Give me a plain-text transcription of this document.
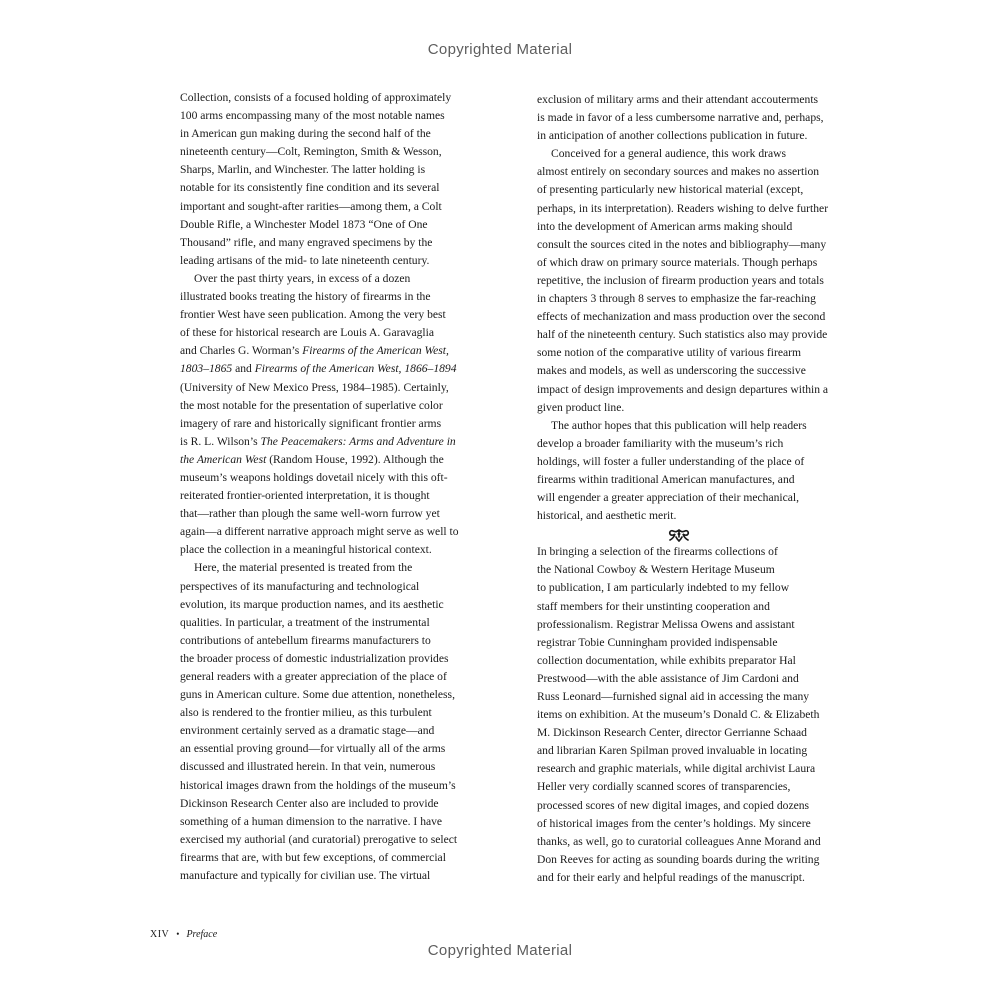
Copyrighted Material
Collection, consists of a focused holding of approximately
100 arms encompassing many of the most notable names
in American gun making during the second half of the
nineteenth century—Colt, Remington, Smith & Wesson,
Sharps, Marlin, and Winchester. The latter holding is
notable for its consistently fine condition and its several
important and sought-after rarities—among them, a Colt
Double Rifle, a Winchester Model 1873 “One of One
Thousand” rifle, and many engraved specimens by the
leading artisans of the mid- to late nineteenth century.
Over the past thirty years, in excess of a dozen
illustrated books treating the history of firearms in the
frontier West have seen publication. Among the very best
of these for historical research are Louis A. Garavaglia
and Charles G. Worman’s Firearms of the American West,
1803–1865 and Firearms of the American West, 1866–1894
(University of New Mexico Press, 1984–1985). Certainly,
the most notable for the presentation of superlative color
imagery of rare and historically significant frontier arms
is R. L. Wilson’s The Peacemakers: Arms and Adventure in
the American West (Random House, 1992). Although the
museum’s weapons holdings dovetail nicely with this oft-
reiterated frontier-oriented interpretation, it is thought
that—rather than plough the same well-worn furrow yet
again—a different narrative approach might serve as well to
place the collection in a meaningful historical context.
Here, the material presented is treated from the
perspectives of its manufacturing and technological
evolution, its marque production names, and its aesthetic
qualities. In particular, a treatment of the instrumental
contributions of antebellum firearms manufacturers to
the broader process of domestic industrialization provides
general readers with a greater appreciation of the place of
guns in American culture. Some due attention, nonetheless,
also is rendered to the frontier milieu, as this turbulent
environment certainly served as a dramatic stage—and
an essential proving ground—for virtually all of the arms
discussed and illustrated herein. In that vein, numerous
historical images drawn from the holdings of the museum’s
Dickinson Research Center also are included to provide
something of a human dimension to the narrative. I have
exercised my authorial (and curatorial) prerogative to select
firearms that are, with but few exceptions, of commercial
manufacture and typically for civilian use. The virtual
exclusion of military arms and their attendant accouterments
is made in favor of a less cumbersome narrative and, perhaps,
in anticipation of another collections publication in future.
Conceived for a general audience, this work draws
almost entirely on secondary sources and makes no assertion
of presenting particularly new historical material (except,
perhaps, in its interpretation). Readers wishing to delve further
into the development of American arms making should
consult the sources cited in the notes and bibliography—many
of which draw on primary source materials. Though perhaps
repetitive, the inclusion of firearm production years and totals
in chapters 3 through 8 serves to emphasize the far-reaching
effects of mechanization and mass production over the second
half of the nineteenth century. Such statistics also may provide
some notion of the comparative utility of various firearm
makes and models, as well as underscoring the successive
impact of design improvements and design departures within a
given product line.
The author hopes that this publication will help readers
develop a broader familiarity with the museum’s rich
holdings, will foster a fuller understanding of the place of
firearms within traditional American manufactures, and
will engender a greater appreciation of their mechanical,
historical, and aesthetic merit.
In bringing a selection of the firearms collections of
the National Cowboy & Western Heritage Museum
to publication, I am particularly indebted to my fellow
staff members for their unstinting cooperation and
professionalism. Registrar Melissa Owens and assistant
registrar Tobie Cunningham provided indispensable
collection documentation, while exhibits preparator Hal
Prestwood—with the able assistance of Jim Cardoni and
Russ Leonard—furnished signal aid in accessing the many
items on exhibition. At the museum’s Donald C. & Elizabeth
M. Dickinson Research Center, director Gerrianne Schaad
and librarian Karen Spilman proved invaluable in locating
research and graphic materials, while digital archivist Laura
Heller very cordially scanned scores of transparencies,
processed scores of new digital images, and copied dozens
of historical images from the center’s holdings. My sincere
thanks, as well, go to curatorial colleagues Anne Morand and
Don Reeves for acting as sounding boards during the writing
and for their early and helpful readings of the manuscript.
XIV • Preface
Copyrighted Material
